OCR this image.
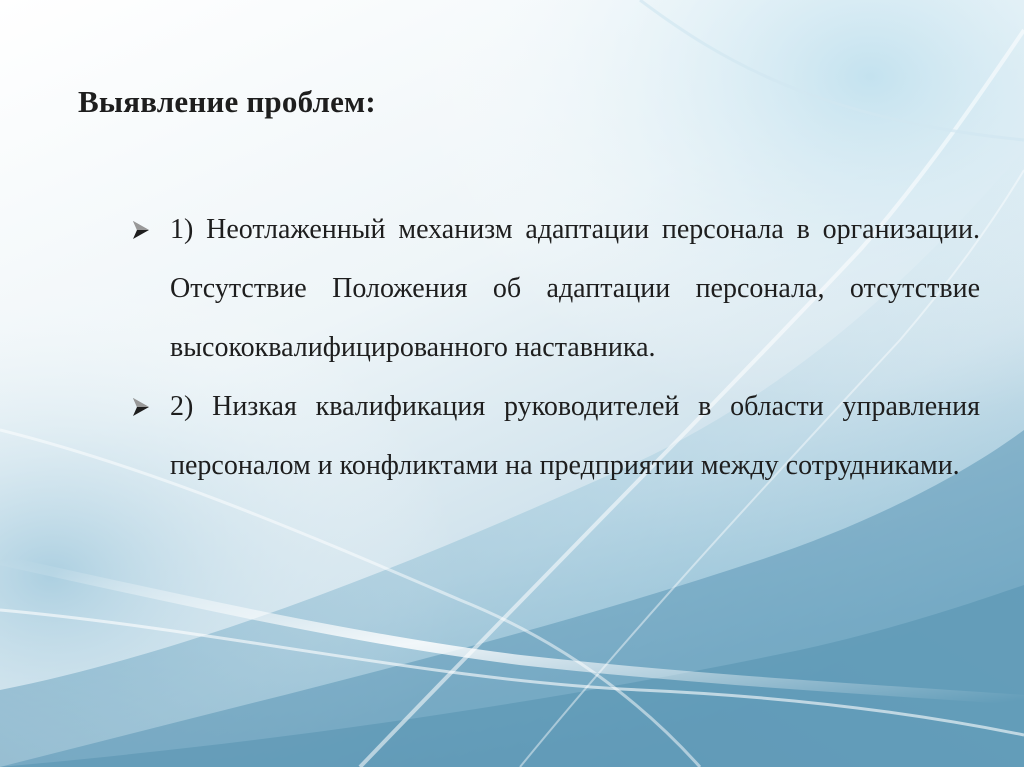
Выявление проблем:
1) Неотлаженный механизм адаптации персонала в организации. Отсутствие Положения об адаптации персонала, отсутствие высококвалифицированного наставника.
2) Низкая квалификация руководителей в области управления персоналом и конфликтами на предприятии между сотрудниками.
